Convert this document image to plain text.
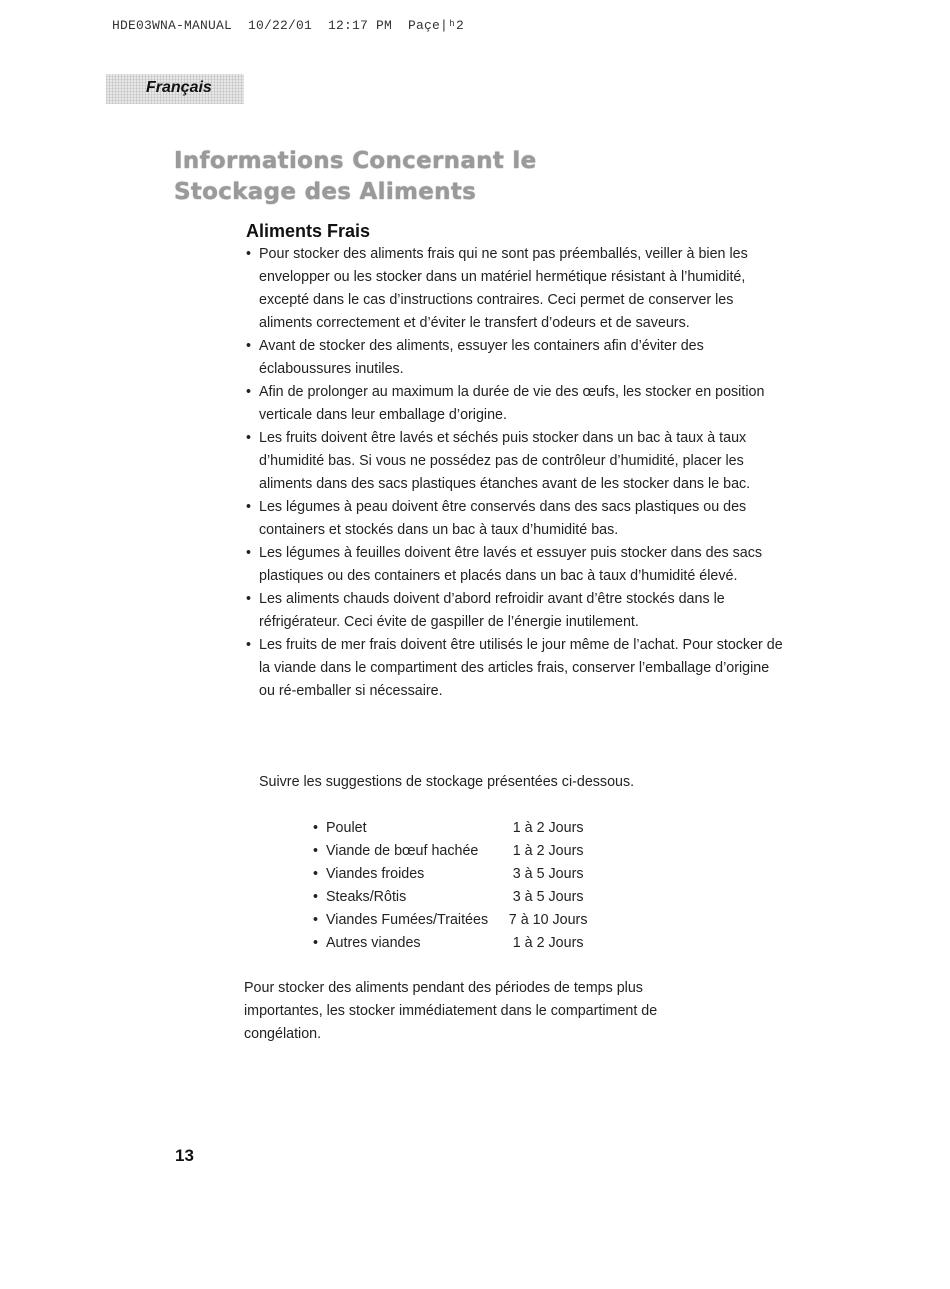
HDE03WNA-MANUAL  10/22/01  12:17 PM  Paçe|ʰ2
Français
Informations Concernant le
Stockage des Aliments
Aliments Frais
• Pour stocker des aliments frais qui ne sont pas préemballés, veiller à bien les envelopper ou les stocker dans un matériel hermétique résistant à l’humidité, excepté dans le cas d’instructions contraires. Ceci permet de conserver les aliments correctement et d’éviter le transfert d’odeurs et de saveurs.
• Avant de stocker des aliments, essuyer les containers afin d’éviter des éclaboussures inutiles.
• Afin de prolonger au maximum la durée de vie des œufs, les stocker en position verticale dans leur emballage d’origine.
• Les fruits doivent être lavés et séchés puis stocker dans un bac à taux à taux d’humidité bas. Si vous ne possédez pas de contrôleur d’humidité, placer les aliments dans des sacs plastiques étanches avant de les stocker dans le bac.
• Les légumes à peau doivent être conservés dans des sacs plastiques ou des containers et stockés dans un bac à taux d’humidité bas.
• Les légumes à feuilles doivent être lavés et essuyer puis stocker dans des sacs plastiques ou des containers et placés dans un bac à taux d’humidité élevé.
• Les aliments chauds doivent d’abord refroidir avant d’être stockés dans le réfrigérateur. Ceci évite de gaspiller de l’énergie inutilement.
• Les fruits de mer frais doivent être utilisés le jour même de l’achat. Pour stocker de la viande dans le compartiment des articles frais, conserver l’emballage d’origine ou ré-emballer si nécessaire.
Suivre les suggestions de stockage présentées ci-dessous.
• Poulet	1 à 2 Jours
• Viande de bœuf hachée	1 à 2 Jours
• Viandes froides	3 à 5 Jours
• Steaks/Rôtis	3 à 5 Jours
• Viandes Fumées/Traitées	7 à 10 Jours
• Autres viandes	1 à 2 Jours
Pour stocker des aliments pendant des périodes de temps plus importantes, les stocker immédiatement dans le compartiment de congélation.
13
